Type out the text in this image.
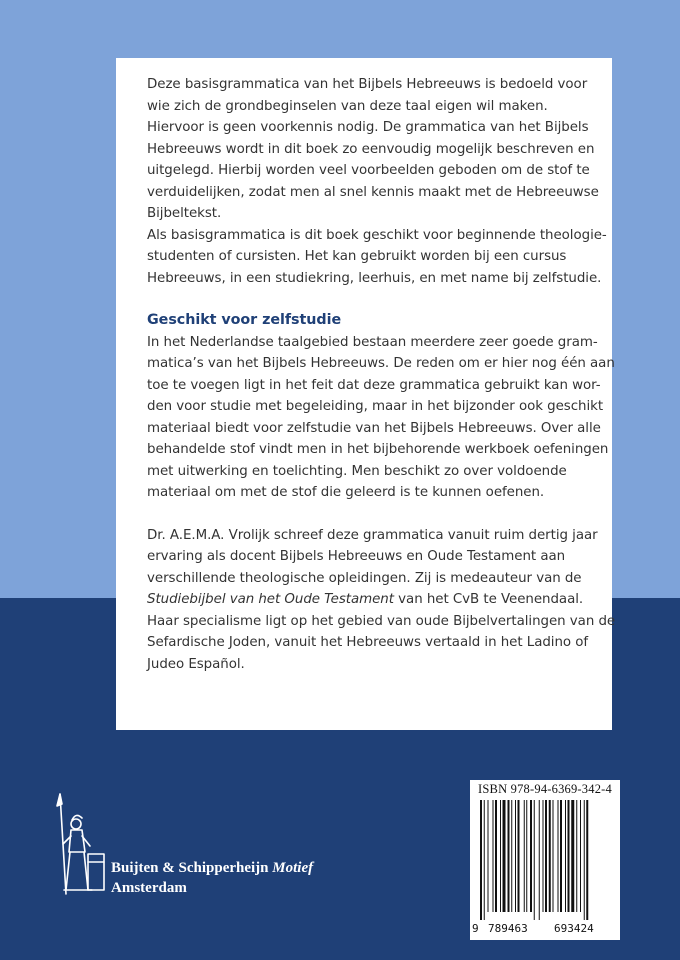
Deze basisgrammatica van het Bijbels Hebreeuws is bedoeld voor
wie zich de grondbeginselen van deze taal eigen wil maken.
Hiervoor is geen voorkennis nodig. De grammatica van het Bijbels
Hebreeuws wordt in dit boek zo eenvoudig mogelijk beschreven en
uitgelegd. Hierbij worden veel voorbeelden geboden om de stof te
verduidelijken, zodat men al snel kennis maakt met de Hebreeuwse
Bijbeltekst.
Als basisgrammatica is dit boek geschikt voor beginnende theologie-
studenten of cursisten. Het kan gebruikt worden bij een cursus
Hebreeuws, in een studiekring, leerhuis, en met name bij zelfstudie.
Geschikt voor zelfstudie
In het Nederlandse taalgebied bestaan meerdere zeer goede gram-
matica’s van het Bijbels Hebreeuws. De reden om er hier nog één aan
toe te voegen ligt in het feit dat deze grammatica gebruikt kan wor-
den voor studie met begeleiding, maar in het bijzonder ook geschikt
materiaal biedt voor zelfstudie van het Bijbels Hebreeuws. Over alle
behandelde stof vindt men in het bijbehorende werkboek oefeningen
met uitwerking en toelichting. Men beschikt zo over voldoende
materiaal om met de stof die geleerd is te kunnen oefenen.
Dr. A.E.M.A. Vrolijk schreef deze grammatica vanuit ruim dertig jaar
ervaring als docent Bijbels Hebreeuws en Oude Testament aan
verschillende theologische opleidingen. Zij is medeauteur van de
Studiebijbel van het Oude Testament van het CvB te Veenendaal.
Haar specialisme ligt op het gebied van oude Bijbelvertalingen van de
Sefardische Joden, vanuit het Hebreeuws vertaald in het Ladino of
Judeo Español.
ISBN 978-94-6369-342-4
9 789463 693424
Buijten & Schipperheijn Motief
Amsterdam
